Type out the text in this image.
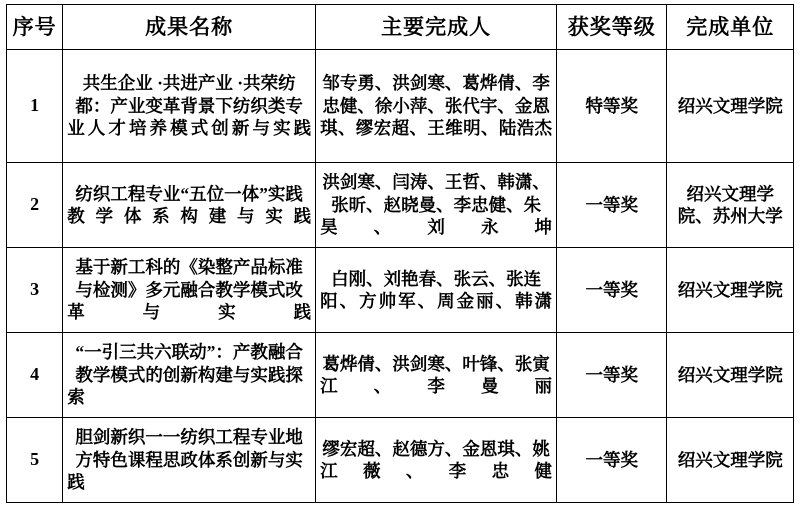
序号	成果名称	主要完成人	获奖等级	完成单位
1	共生企业 ·共进产业 ·共荣纺都：产业变革背景下纺织类专业人才培养模式创新与实践	邹专勇、洪剑寒、葛烨倩、李忠健、徐小萍、张代宇、金恩琪、缪宏超、王维明、陆浩杰	特等奖	绍兴文理学院
2	纺织工程专业“五位一体”实践教学体系构建与实践	洪剑寒、闫涛、王哲、韩潇、张昕、赵晓曼、李忠健、朱昊、刘永坤	一等奖	绍兴文理学院、苏州大学
3	基于新工科的《染整产品标准与检测》多元融合教学模式改革与实践	白刚、刘艳春、张云、张连阳、方帅军、周金丽、韩潇	一等奖	绍兴文理学院
4	“一引三共六联动”：产教融合教学模式的创新构建与实践探索	葛烨倩、洪剑寒、叶锋、张寅江、李曼丽	一等奖	绍兴文理学院
5	胆剑新织一一纺织工程专业地方特色课程思政体系创新与实践	缪宏超、赵德方、金恩琪、姚江薇、李忠健	一等奖	绍兴文理学院
